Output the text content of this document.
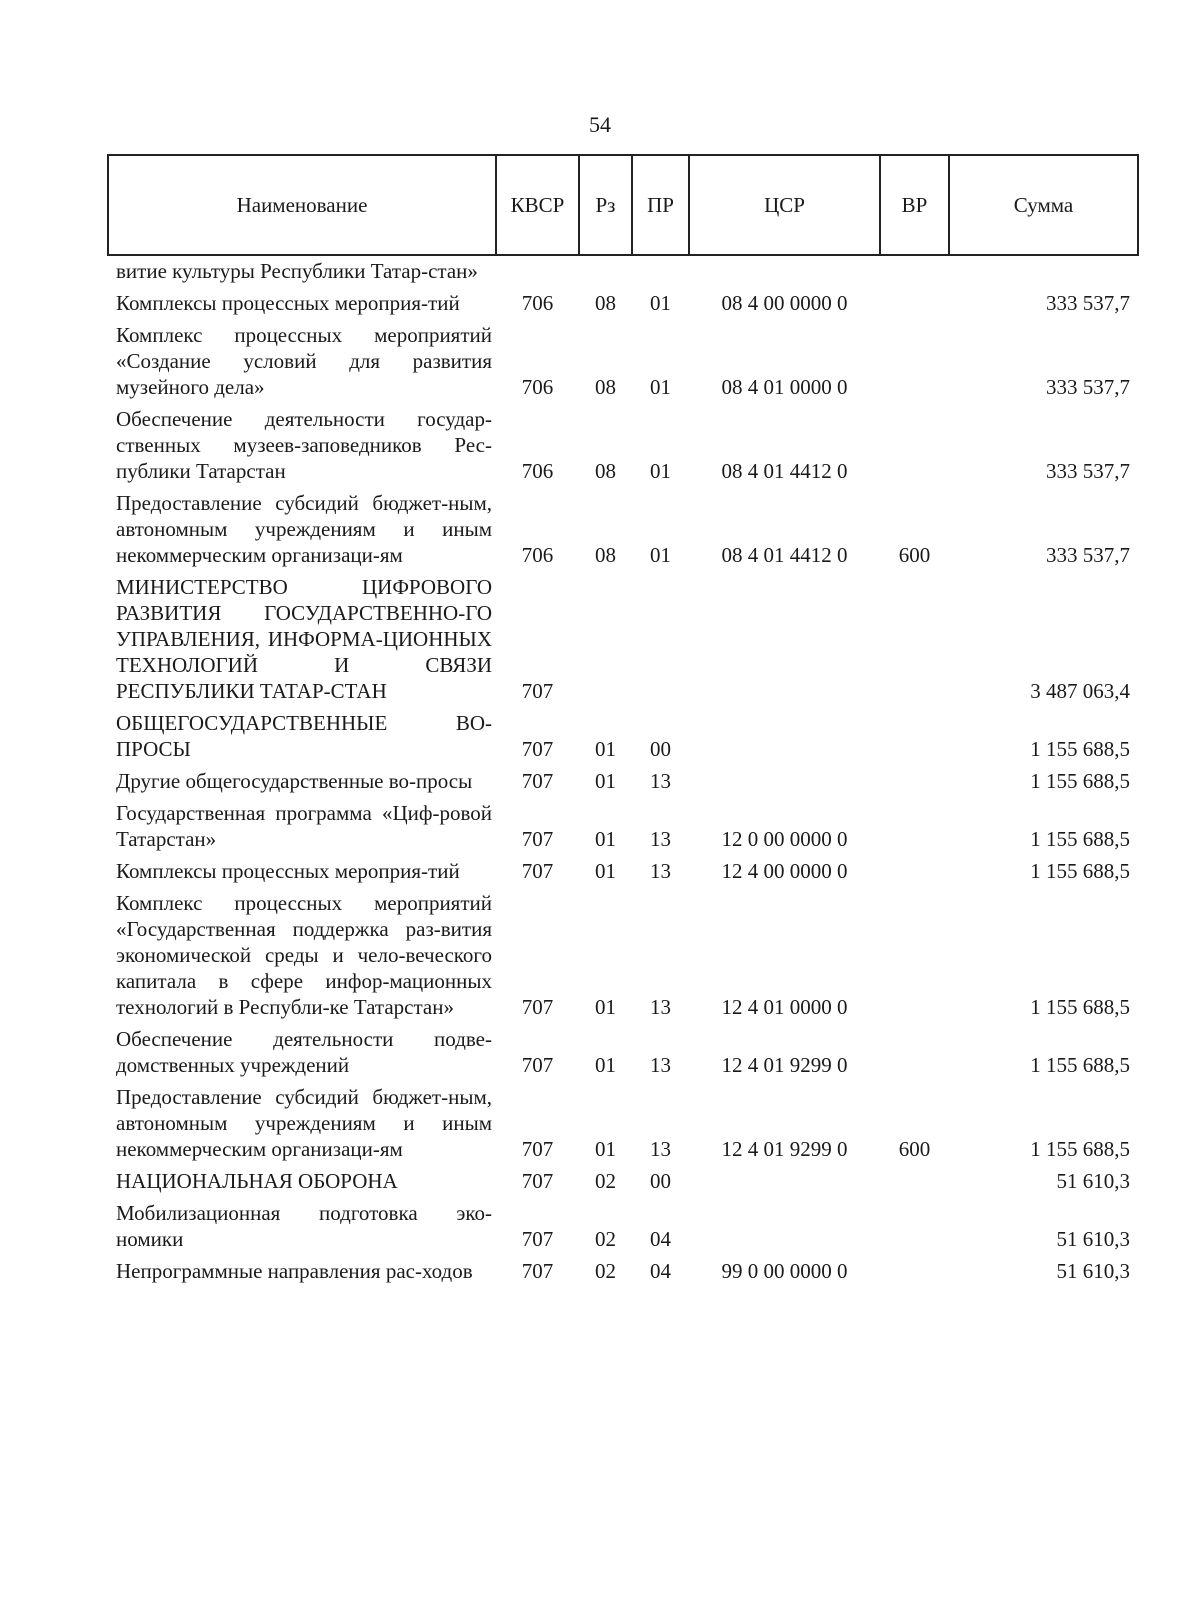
54
Наименование	КВСР	Рз	ПР	ЦСР	ВР	Сумма
витие культуры Республики Татар-стан»						
Комплексы процессных мероприя-тий	706	08	01	08 4 00 0000 0		333 537,7
Комплекс процессных мероприятий «Создание условий для развития музейного дела»	706	08	01	08 4 01 0000 0		333 537,7
Обеспечение деятельности государ-ственных музеев-заповедников Рес-публики Татарстан	706	08	01	08 4 01 4412 0		333 537,7
Предоставление субсидий бюджет-ным, автономным учреждениям и иным некоммерческим организаци-ям	706	08	01	08 4 01 4412 0	600	333 537,7
МИНИСТЕРСТВО ЦИФРОВОГО РАЗВИТИЯ ГОСУДАРСТВЕННО-ГО УПРАВЛЕНИЯ, ИНФОРМА-ЦИОННЫХ ТЕХНОЛОГИЙ И СВЯЗИ РЕСПУБЛИКИ ТАТАР-СТАН	707					3 487 063,4
ОБЩЕГОСУДАРСТВЕННЫЕ ВО-ПРОСЫ	707	01	00			1 155 688,5
Другие общегосударственные во-просы	707	01	13			1 155 688,5
Государственная программа «Циф-ровой Татарстан»	707	01	13	12 0 00 0000 0		1 155 688,5
Комплексы процессных мероприя-тий	707	01	13	12 4 00 0000 0		1 155 688,5
Комплекс процессных мероприятий «Государственная поддержка раз-вития экономической среды и чело-веческого капитала в сфере инфор-мационных технологий в Республи-ке Татарстан»	707	01	13	12 4 01 0000 0		1 155 688,5
Обеспечение деятельности подве-домственных учреждений	707	01	13	12 4 01 9299 0		1 155 688,5
Предоставление субсидий бюджет-ным, автономным учреждениям и иным некоммерческим организаци-ям	707	01	13	12 4 01 9299 0	600	1 155 688,5
НАЦИОНАЛЬНАЯ ОБОРОНА	707	02	00			51 610,3
Мобилизационная подготовка эко-номики	707	02	04			51 610,3
Непрограммные направления рас-ходов	707	02	04	99 0 00 0000 0		51 610,3
